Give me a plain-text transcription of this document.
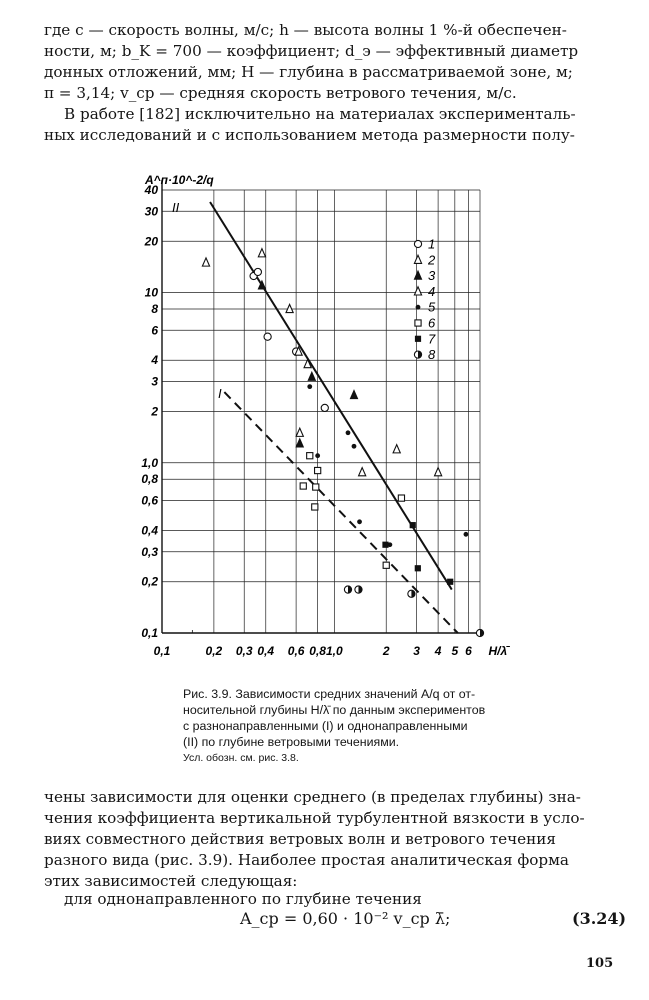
где c — скорость волны, м/с; h — высота волны 1 %-й обеспечен-
ности, м; b_K = 700 — коэффициент; d_э — эффективный диаметр
донных отложений, мм; H — глубина в рассматриваемой зоне, м;
π = 3,14; v_ср — средняя скорость ветрового течения, м/с.

В работе [182] исключительно на материалах эксперименталь-
ных исследований и с использованием метода размерности полу-

0,1	0,2 0,3 0,4 0,6 0,8 1,0	2 3 4 5 6 H/λ̄
40
30
20
10
8
6
4
3
2
1,0
0,8
0,6
0,4
0,3
0,2
0,1
1
2
3
4
5
6
7
8
A^п·10^-2/q
II
I
Рис. 3.9. Зависимости средних значений A/q от от-
носительной глубины H/λ̄ по данным экспериментов
с разнонаправленными (I) и однонаправленными
(II) по глубине ветровыми течениями.
Усл. обозн. см. рис. 3.8.

чены зависимости для оценки среднего (в пределах глубины) зна-
чения коэффициента вертикальной турбулентной вязкости в усло-
виях совместного действия ветровых волн и ветрового течения
разного вида (рис. 3.9). Наиболее простая аналитическая форма
этих зависимостей следующая:

для однонаправленного по глубине течения

A_ср = 0,60 · 10⁻² v_ср λ̄;	(3.24)
105
